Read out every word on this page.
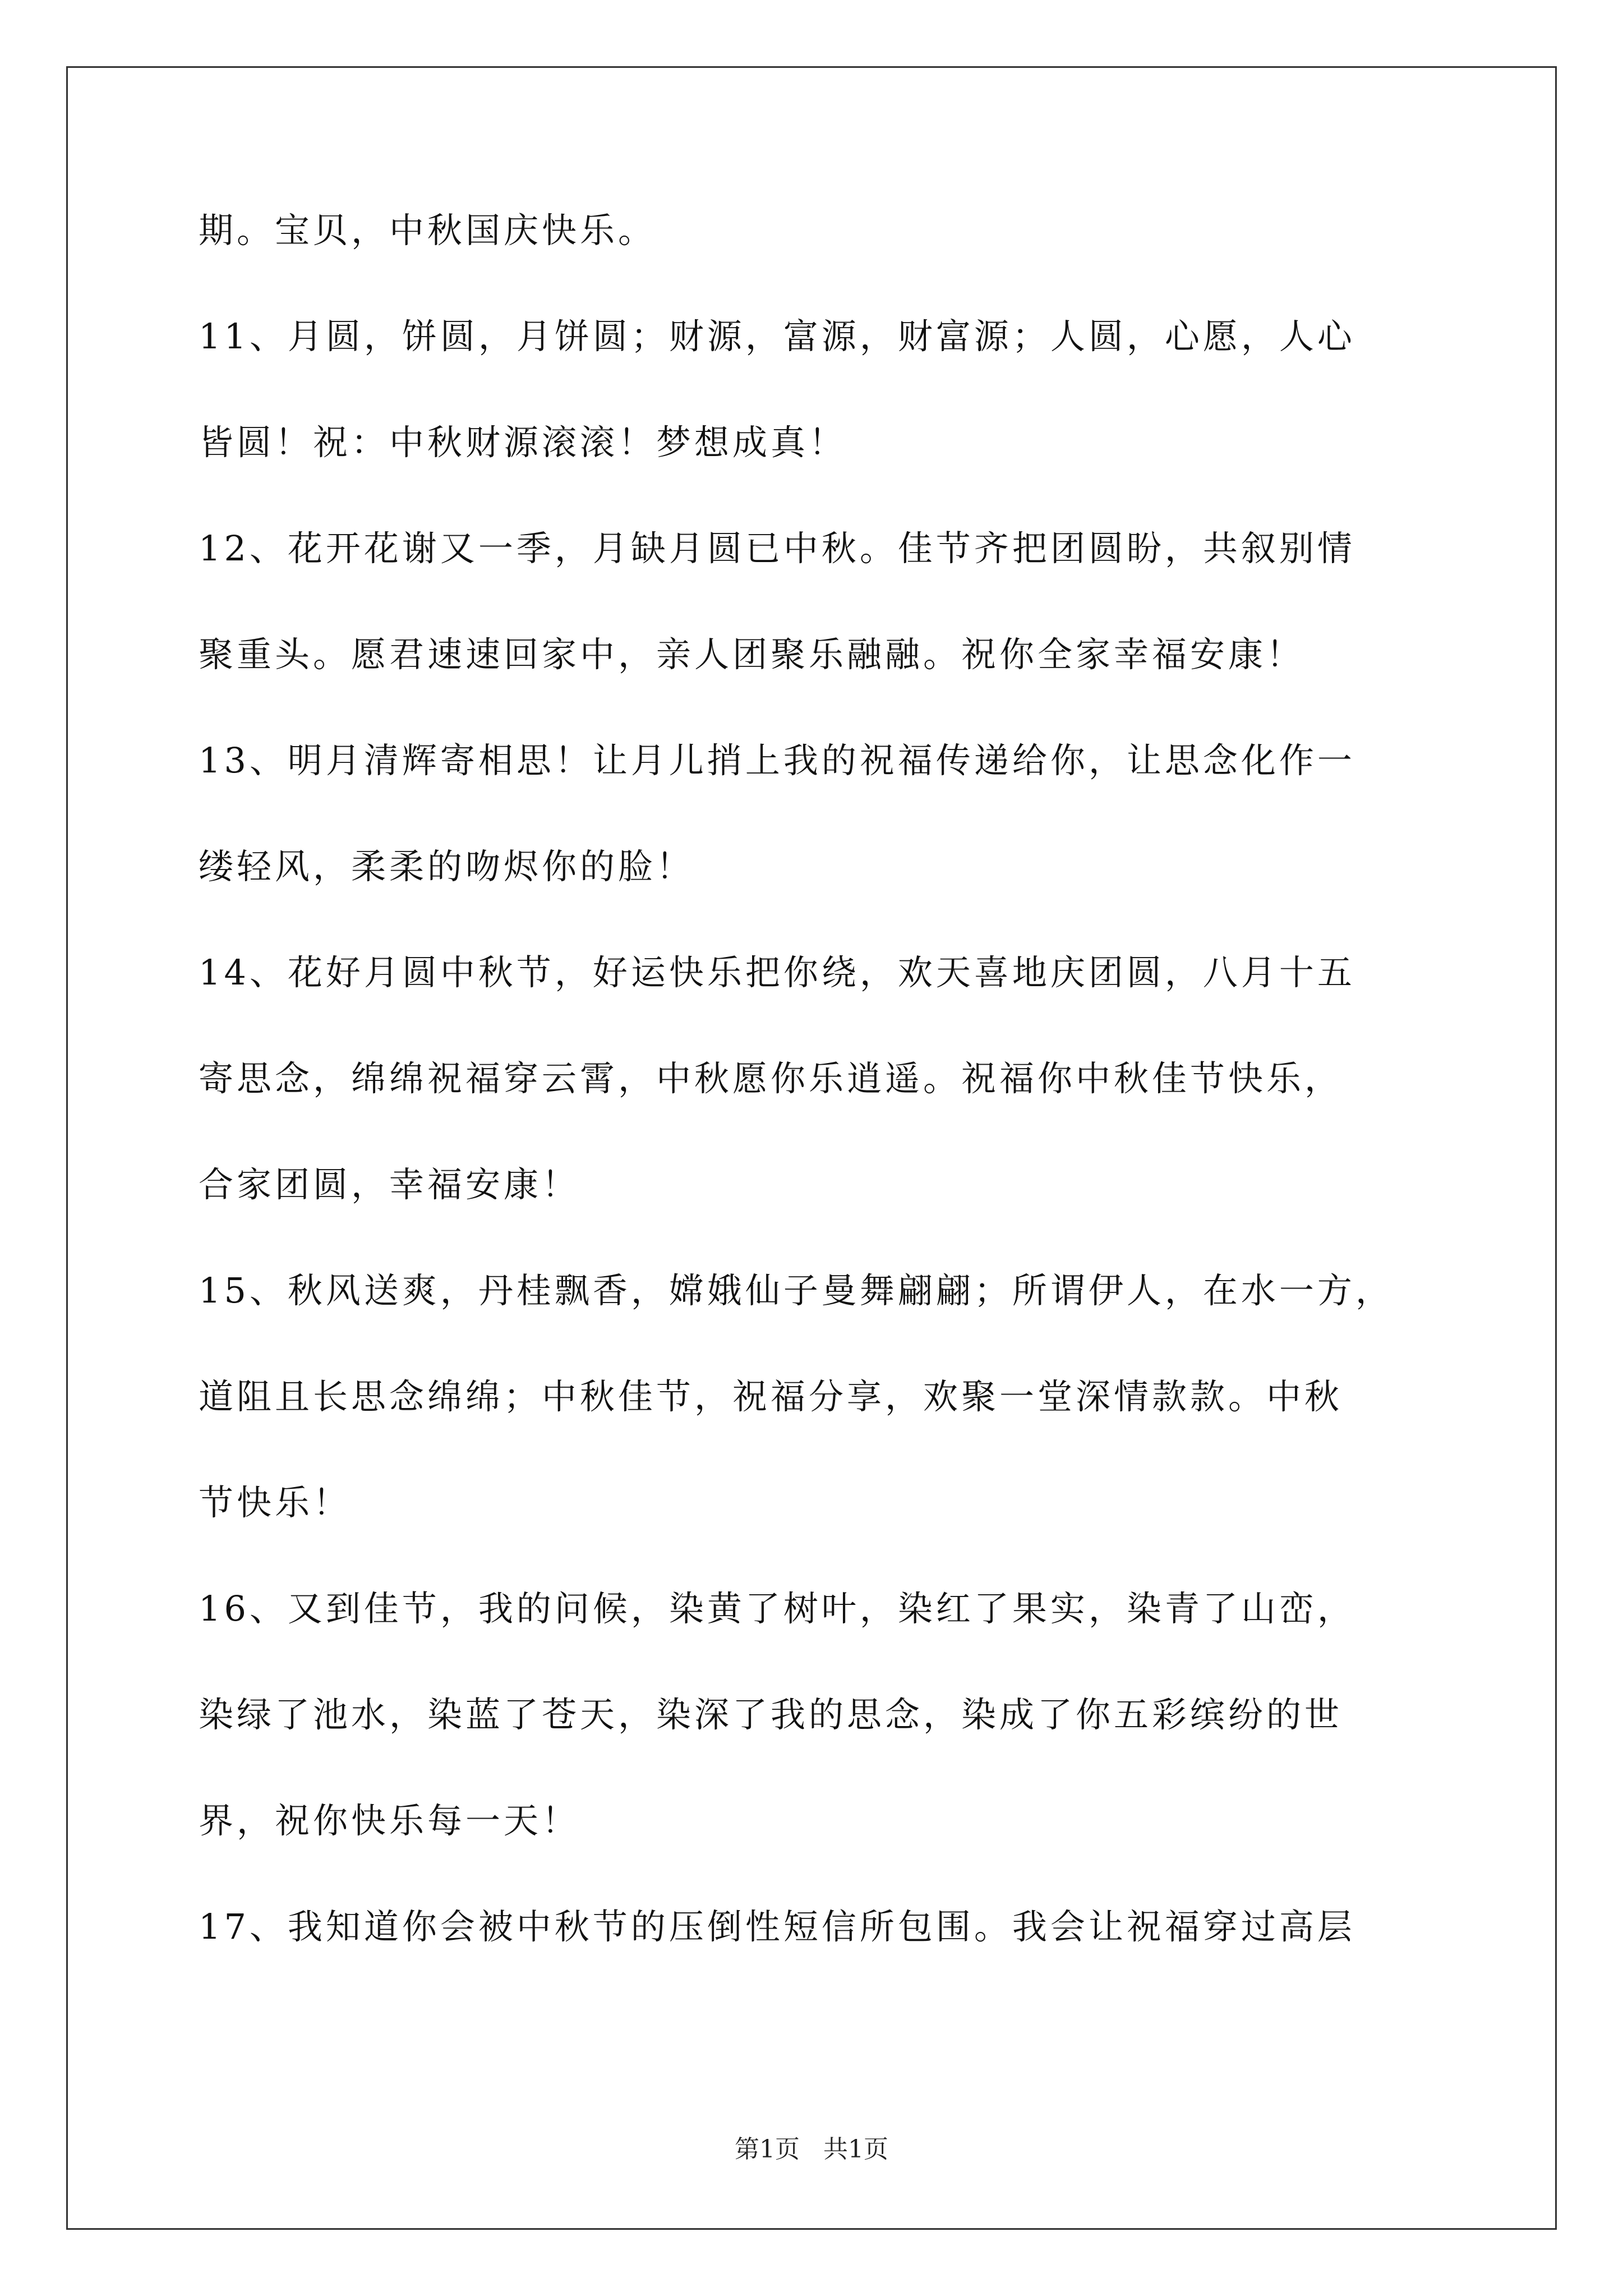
期。宝贝，中秋国庆快乐。
11、月圆，饼圆，月饼圆；财源，富源，财富源；人圆，心愿，人心
皆圆！祝：中秋财源滚滚！梦想成真！
12、花开花谢又一季，月缺月圆已中秋。佳节齐把团圆盼，共叙别情
聚重头。愿君速速回家中，亲人团聚乐融融。祝你全家幸福安康！
13、明月清辉寄相思！让月儿捎上我的祝福传递给你，让思念化作一
缕轻风，柔柔的吻烬你的脸！
14、花好月圆中秋节，好运快乐把你绕，欢天喜地庆团圆，八月十五
寄思念，绵绵祝福穿云霄，中秋愿你乐逍遥。祝福你中秋佳节快乐，
合家团圆，幸福安康！
15、秋风送爽，丹桂飘香，嫦娥仙子曼舞翩翩；所谓伊人，在水一方，
道阻且长思念绵绵；中秋佳节，祝福分享，欢聚一堂深情款款。中秋
节快乐！
16、又到佳节，我的问候，染黄了树叶，染红了果实，染青了山峦，
染绿了池水，染蓝了苍天，染深了我的思念，染成了你五彩缤纷的世
界，祝你快乐每一天！
17、我知道你会被中秋节的压倒性短信所包围。我会让祝福穿过高层
第1页 共1页
